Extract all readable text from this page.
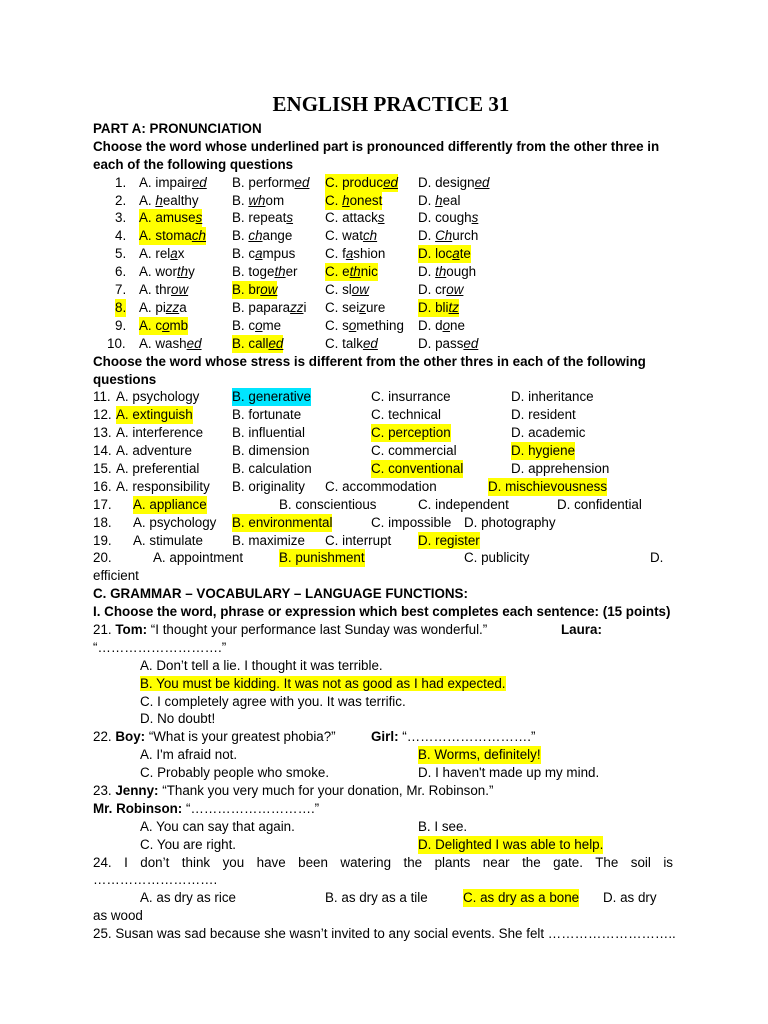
ENGLISH PRACTICE 31
PART A: PRONUNCIATION
Choose the word whose underlined part is pronounced differently from the other three in each of the following questions
1. A. impaired B. performed C. produced D. designed
2. A. healthy B. whom	C. honest	D. heal
3. A. amuses B. repeats C. attacks D. coughs
4. A. stomach B. change C. watch	D. Church
5. A. relax	B. campus C. fashion D. locate
6. A. worthy	B. together C. ethnic	D. though
7. A. throw	B. brow	C. slow	D. crow
8. A. pizza	B. paparazzi C. seizure D. blitz
9. A. comb	B. come	C. something D. done
10. A. washed B. called	C. talked	D. passed
Choose the word whose stress is different from the other thres in each of the following questions
11. A. psychology B. generative	C. insurrance	D. inheritance
12. A. extinguish	B. fortunate	C. technical	D. resident
13. A. interference B. influential	C. perception	D. academic
14. A. adventure	B. dimension	C. commercial	D. hygiene
15. A. preferential B. calculation	C. conventional	D. apprehension
16. A. responsibility B. originality C. accommodation	D. mischievousness
17. A. appliance	B. conscientious	C. independent	D. confidential
18. A. psychology B. environmental	C. impossible D. photography
19. A. stimulate B. maximize C. interrupt D. register
20.	A. appointment	B. punishment	C. publicity	D.
efficient
C. GRAMMAR – VOCABULARY – LANGUAGE FUNCTIONS:
I. Choose the word, phrase or expression which best completes each sentence: (15 points)
21. Tom: “I thought your performance last Sunday was wonderful.”	Laura:
“……………………….”
A. Don’t tell a lie. I thought it was terrible.
B. You must be kidding. It was not as good as I had expected.
C. I completely agree with you. It was terrific.
D. No doubt!
22. Boy: “What is your greatest phobia?”	Girl: “……………………….”
A. I'm afraid not.	B. Worms, definitely!
C. Probably people who smoke.	D. I haven't made up my mind.
23. Jenny: “Thank you very much for your donation, Mr. Robinson.”
Mr. Robinson: “……………………….”
A. You can say that again.	B. I see.
C. You are right.	D. Delighted I was able to help.
24. I don’t think you have been watering the plants near the gate. The soil is
……………………….
A. as dry as rice	B. as dry as a tile	C. as dry as a bone D. as dry
as wood
25. Susan was sad because she wasn’t invited to any social events. She felt ………………………..
